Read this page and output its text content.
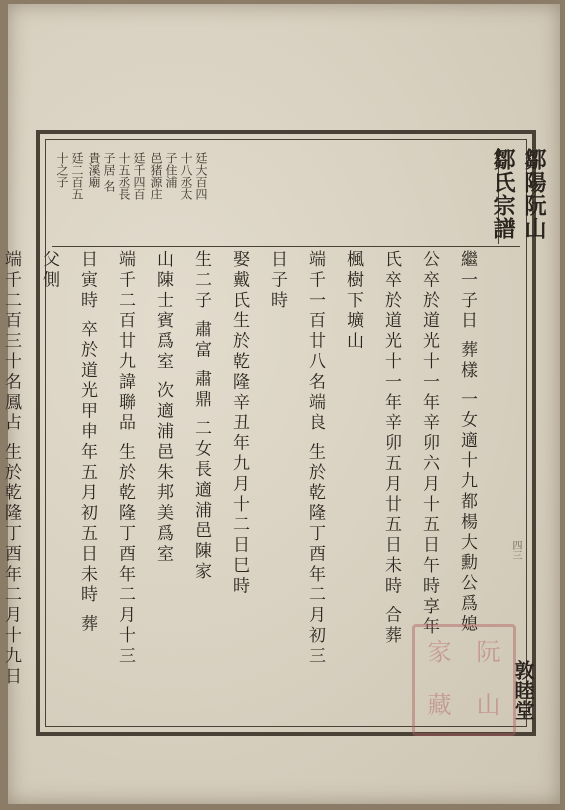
鄒陽阮山鄒氏宗譜
四三
敦睦堂
廷大百四
十八丞太
子住浦
邑猪源庄
廷千四百
十五丞長
子居 名
貴溪廟
廷二百五
十之子
繼一子日 葬樣 一女適十九都楊大勳公爲媳
公卒於道光十一年辛卯六月十五日午時享年
氏卒於道光十一年辛卯五月廿五日未時 合葬
楓樹下壙山
端千一百廿八名端良 生於乾隆丁酉年二月初三
日子時
娶戴氏生於乾隆辛丑年九月十二日巳時
生二子 肅富 肅鼎 二女長適浦邑陳家
山陳士賓爲室 次適浦邑朱邦美爲室
端千二百廿九諱聯品 生於乾隆丁酉年二月十三
日寅時 卒於道光甲申年五月初五日未時 葬
父側
端千二百三十名鳳占 生於乾隆丁酉年二月十九日	家	阮
藏	山
